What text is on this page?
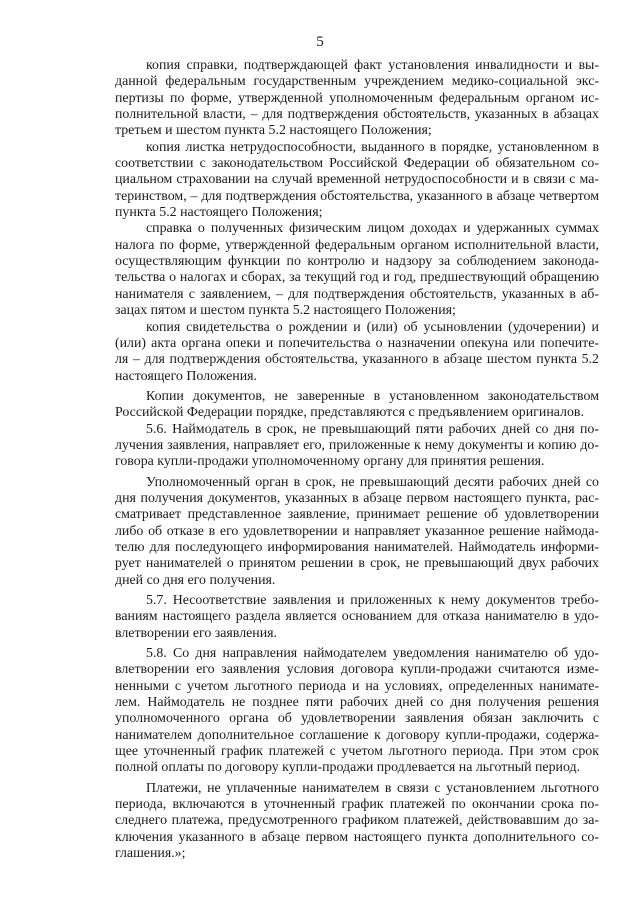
5
копия справки, подтверждающей факт установления инвалидности и вы-
данной федеральным государственным учреждением медико-социальной экс-
пертизы по форме, утвержденной уполномоченным федеральным органом ис-
полнительной власти, – для подтверждения обстоятельств, указанных в абзацах
третьем и шестом пункта 5.2 настоящего Положения;
копия листка нетрудоспособности, выданного в порядке, установленном в
соответствии с законодательством Российской Федерации об обязательном со-
циальном страховании на случай временной нетрудоспособности и в связи с ма-
теринством, – для подтверждения обстоятельства, указанного в абзаце четвертом
пункта 5.2 настоящего Положения;
справка о полученных физическим лицом доходах и удержанных суммах
налога по форме, утвержденной федеральным органом исполнительной власти,
осуществляющим функции по контролю и надзору за соблюдением законода-
тельства о налогах и сборах, за текущий год и год, предшествующий обращению
нанимателя с заявлением, – для подтверждения обстоятельств, указанных в аб-
зацах пятом и шестом пункта 5.2 настоящего Положения;
копия свидетельства о рождении и (или) об усыновлении (удочерении) и
(или) акта органа опеки и попечительства о назначении опекуна или попечите-
ля – для подтверждения обстоятельства, указанного в абзаце шестом пункта 5.2
настоящего Положения.
Копии документов, не заверенные в установленном законодательством
Российской Федерации порядке, представляются с предъявлением оригиналов.
5.6. Наймодатель в срок, не превышающий пяти рабочих дней со дня по-
лучения заявления, направляет его, приложенные к нему документы и копию до-
говора купли-продажи уполномоченному органу для принятия решения.
Уполномоченный орган в срок, не превышающий десяти рабочих дней со
дня получения документов, указанных в абзаце первом настоящего пункта, рас-
сматривает представленное заявление, принимает решение об удовлетворении
либо об отказе в его удовлетворении и направляет указанное решение наймода-
телю для последующего информирования нанимателей. Наймодатель информи-
рует нанимателей о принятом решении в срок, не превышающий двух рабочих
дней со дня его получения.
5.7. Несоответствие заявления и приложенных к нему документов требо-
ваниям настоящего раздела является основанием для отказа нанимателю в удо-
влетворении его заявления.
5.8. Со дня направления наймодателем уведомления нанимателю об удо-
влетворении его заявления условия договора купли-продажи считаются изме-
ненными с учетом льготного периода и на условиях, определенных нанимате-
лем. Наймодатель не позднее пяти рабочих дней со дня получения решения
уполномоченного органа об удовлетворении заявления обязан заключить с
нанимателем дополнительное соглашение к договору купли-продажи, содержа-
щее уточненный график платежей с учетом льготного периода. При этом срок
полной оплаты по договору купли-продажи продлевается на льготный период.
Платежи, не уплаченные нанимателем в связи с установлением льготного
периода, включаются в уточненный график платежей по окончании срока по-
следнего платежа, предусмотренного графиком платежей, действовавшим до за-
ключения указанного в абзаце первом настоящего пункта дополнительного со-
глашения.»;
